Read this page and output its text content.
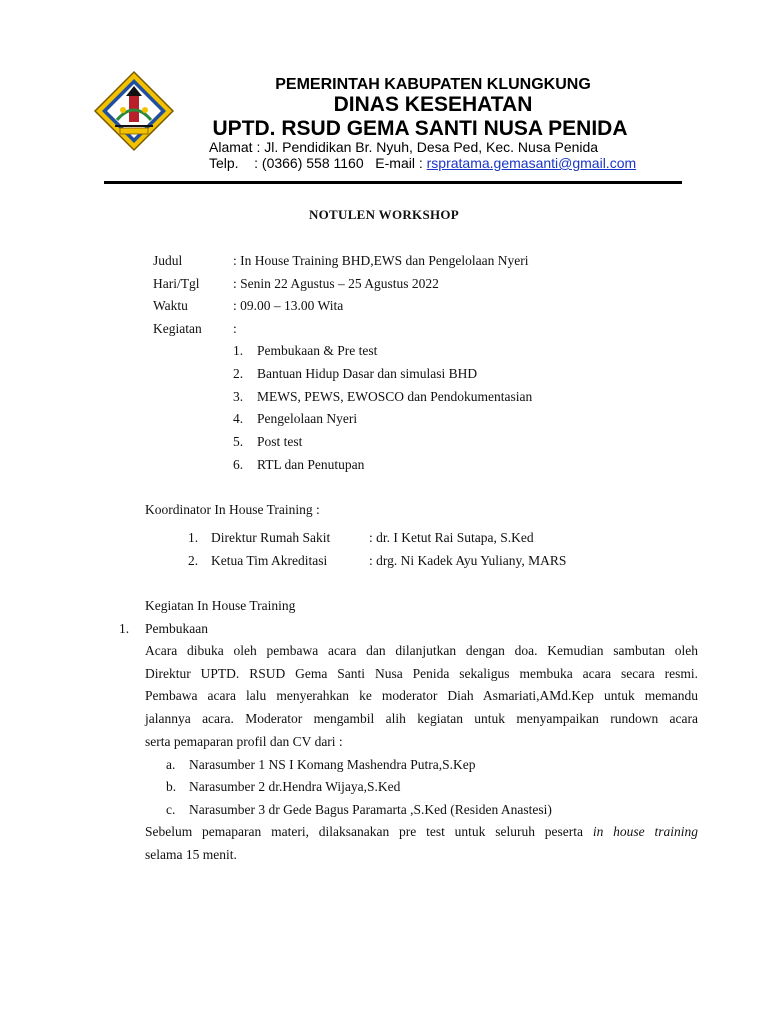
PEMERINTAH KABUPATEN KLUNGKUNG
DINAS KESEHATAN
UPTD. RSUD GEMA SANTI NUSA PENIDA
Alamat : Jl. Pendidikan Br. Nyuh, Desa Ped, Kec. Nusa Penida
Telp.    : (0366) 558 1160   E-mail : rspratama.gemasanti@gmail.com
NOTULEN WORKSHOP
Judul	: In House Training BHD,EWS dan Pengelolaan Nyeri
Hari/Tgl : Senin 22 Agustus – 25 Agustus 2022
Waktu	: 09.00 – 13.00 Wita
Kegiatan :
1. Pembukaan & Pre test
2. Bantuan Hidup Dasar dan simulasi BHD
3. MEWS, PEWS, EWOSCO dan Pendokumentasian
4. Pengelolaan Nyeri
5. Post test
6. RTL dan Penutupan
Koordinator In House Training :
1. Direktur Rumah Sakit	: dr. I Ketut Rai Sutapa, S.Ked
2. Ketua Tim Akreditasi	: drg. Ni Kadek Ayu Yuliany, MARS
Kegiatan In House Training
1. Pembukaan
Acara dibuka oleh pembawa acara dan dilanjutkan dengan doa. Kemudian sambutan oleh
Direktur UPTD. RSUD Gema Santi Nusa Penida sekaligus membuka acara secara resmi.
Pembawa acara lalu menyerahkan ke moderator Diah Asmariati,AMd.Kep untuk memandu
jalannya acara. Moderator mengambil alih kegiatan untuk menyampaikan rundown acara
serta pemaparan profil dan CV dari :
a. Narasumber 1 NS I Komang Mashendra Putra,S.Kep
b. Narasumber 2 dr.Hendra Wijaya,S.Ked
c. Narasumber 3 dr Gede Bagus Paramarta ,S.Ked (Residen Anastesi)
Sebelum pemaparan materi, dilaksanakan pre test untuk seluruh peserta in house training
selama 15 menit.
